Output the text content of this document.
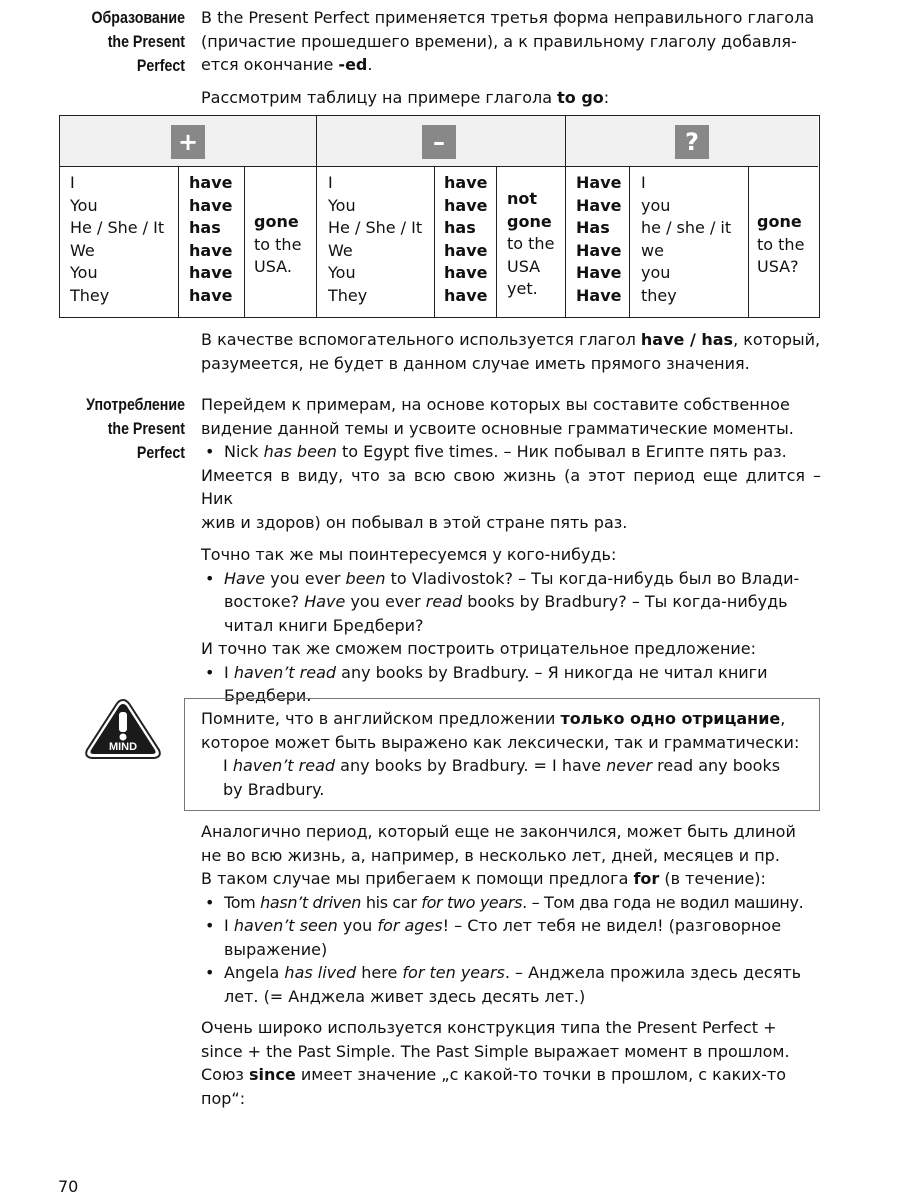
Образование
the Present
Perfect

B the Present Perfect применяется третья форма неправильного глагола

(причастие прошедшего времени), а к правильному глаголу добавля-

ется окончание -ed.

Рассмотрим таблицу на примере глагола to go:

+	–	?
I
You
He / She / It
We
You
They
have
have
has
have
have
have
gone
to the
USA.
I
You
He / She / It
We
You
They
have
have
has
have
have
have
not
gone
to the
USA
yet.
Have
Have
Has
Have
Have
Have
I
you
he / she / it
we
you
they
gone
to the
USA?

В качестве вспомогательного используется глагол have / has, который,

разумеется, не будет в данном случае иметь прямого значения.

Употребление
the Present
Perfect

Перейдем к примерам, на основе которых вы составите собственное

видение данной темы и усвоите основные грамматические моменты.

• Nick has been to Egypt five times. – Ник побывал в Египте пять раз.

Имеется в виду, что за всю свою жизнь (а этот период еще длится – Ник

жив и здоров) он побывал в этой стране пять раз.

Точно так же мы поинтересуемся у кого-нибудь:

• Have you ever been to Vladivostok? – Ты когда-нибудь был во Влади-

востоке? Have you ever read books by Bradbury? – Ты когда-нибудь

читал книги Бредбери?

И точно так же сможем построить отрицательное предложение:

• I haven’t read any books by Bradbury. – Я никогда не читал книги

Бредбери.

MIND

Помните, что в английском предложении только одно отрицание,

которое может быть выражено как лексически, так и грамматически:

I haven’t read any books by Bradbury. = I have never read any books

by Bradbury.

Аналогично период, который еще не закончился, может быть длиной

не во всю жизнь, а, например, в несколько лет, дней, месяцев и пр.

В таком случае мы прибегаем к помощи предлога for (в течение):

• Tom hasn’t driven his car for two years. – Том два года не водил машину.

• I haven’t seen you for ages! – Сто лет тебя не видел! (разговорное

выражение)

• Angela has lived here for ten years. – Анджела прожила здесь десять

лет. (= Анджела живет здесь десять лет.)

Очень широко используется конструкция типа the Present Perfect +

since + the Past Simple. The Past Simple выражает момент в прошлом.

Союз since имеет значение „с какой-то точки в прошлом, с каких-то

пор“:

70
